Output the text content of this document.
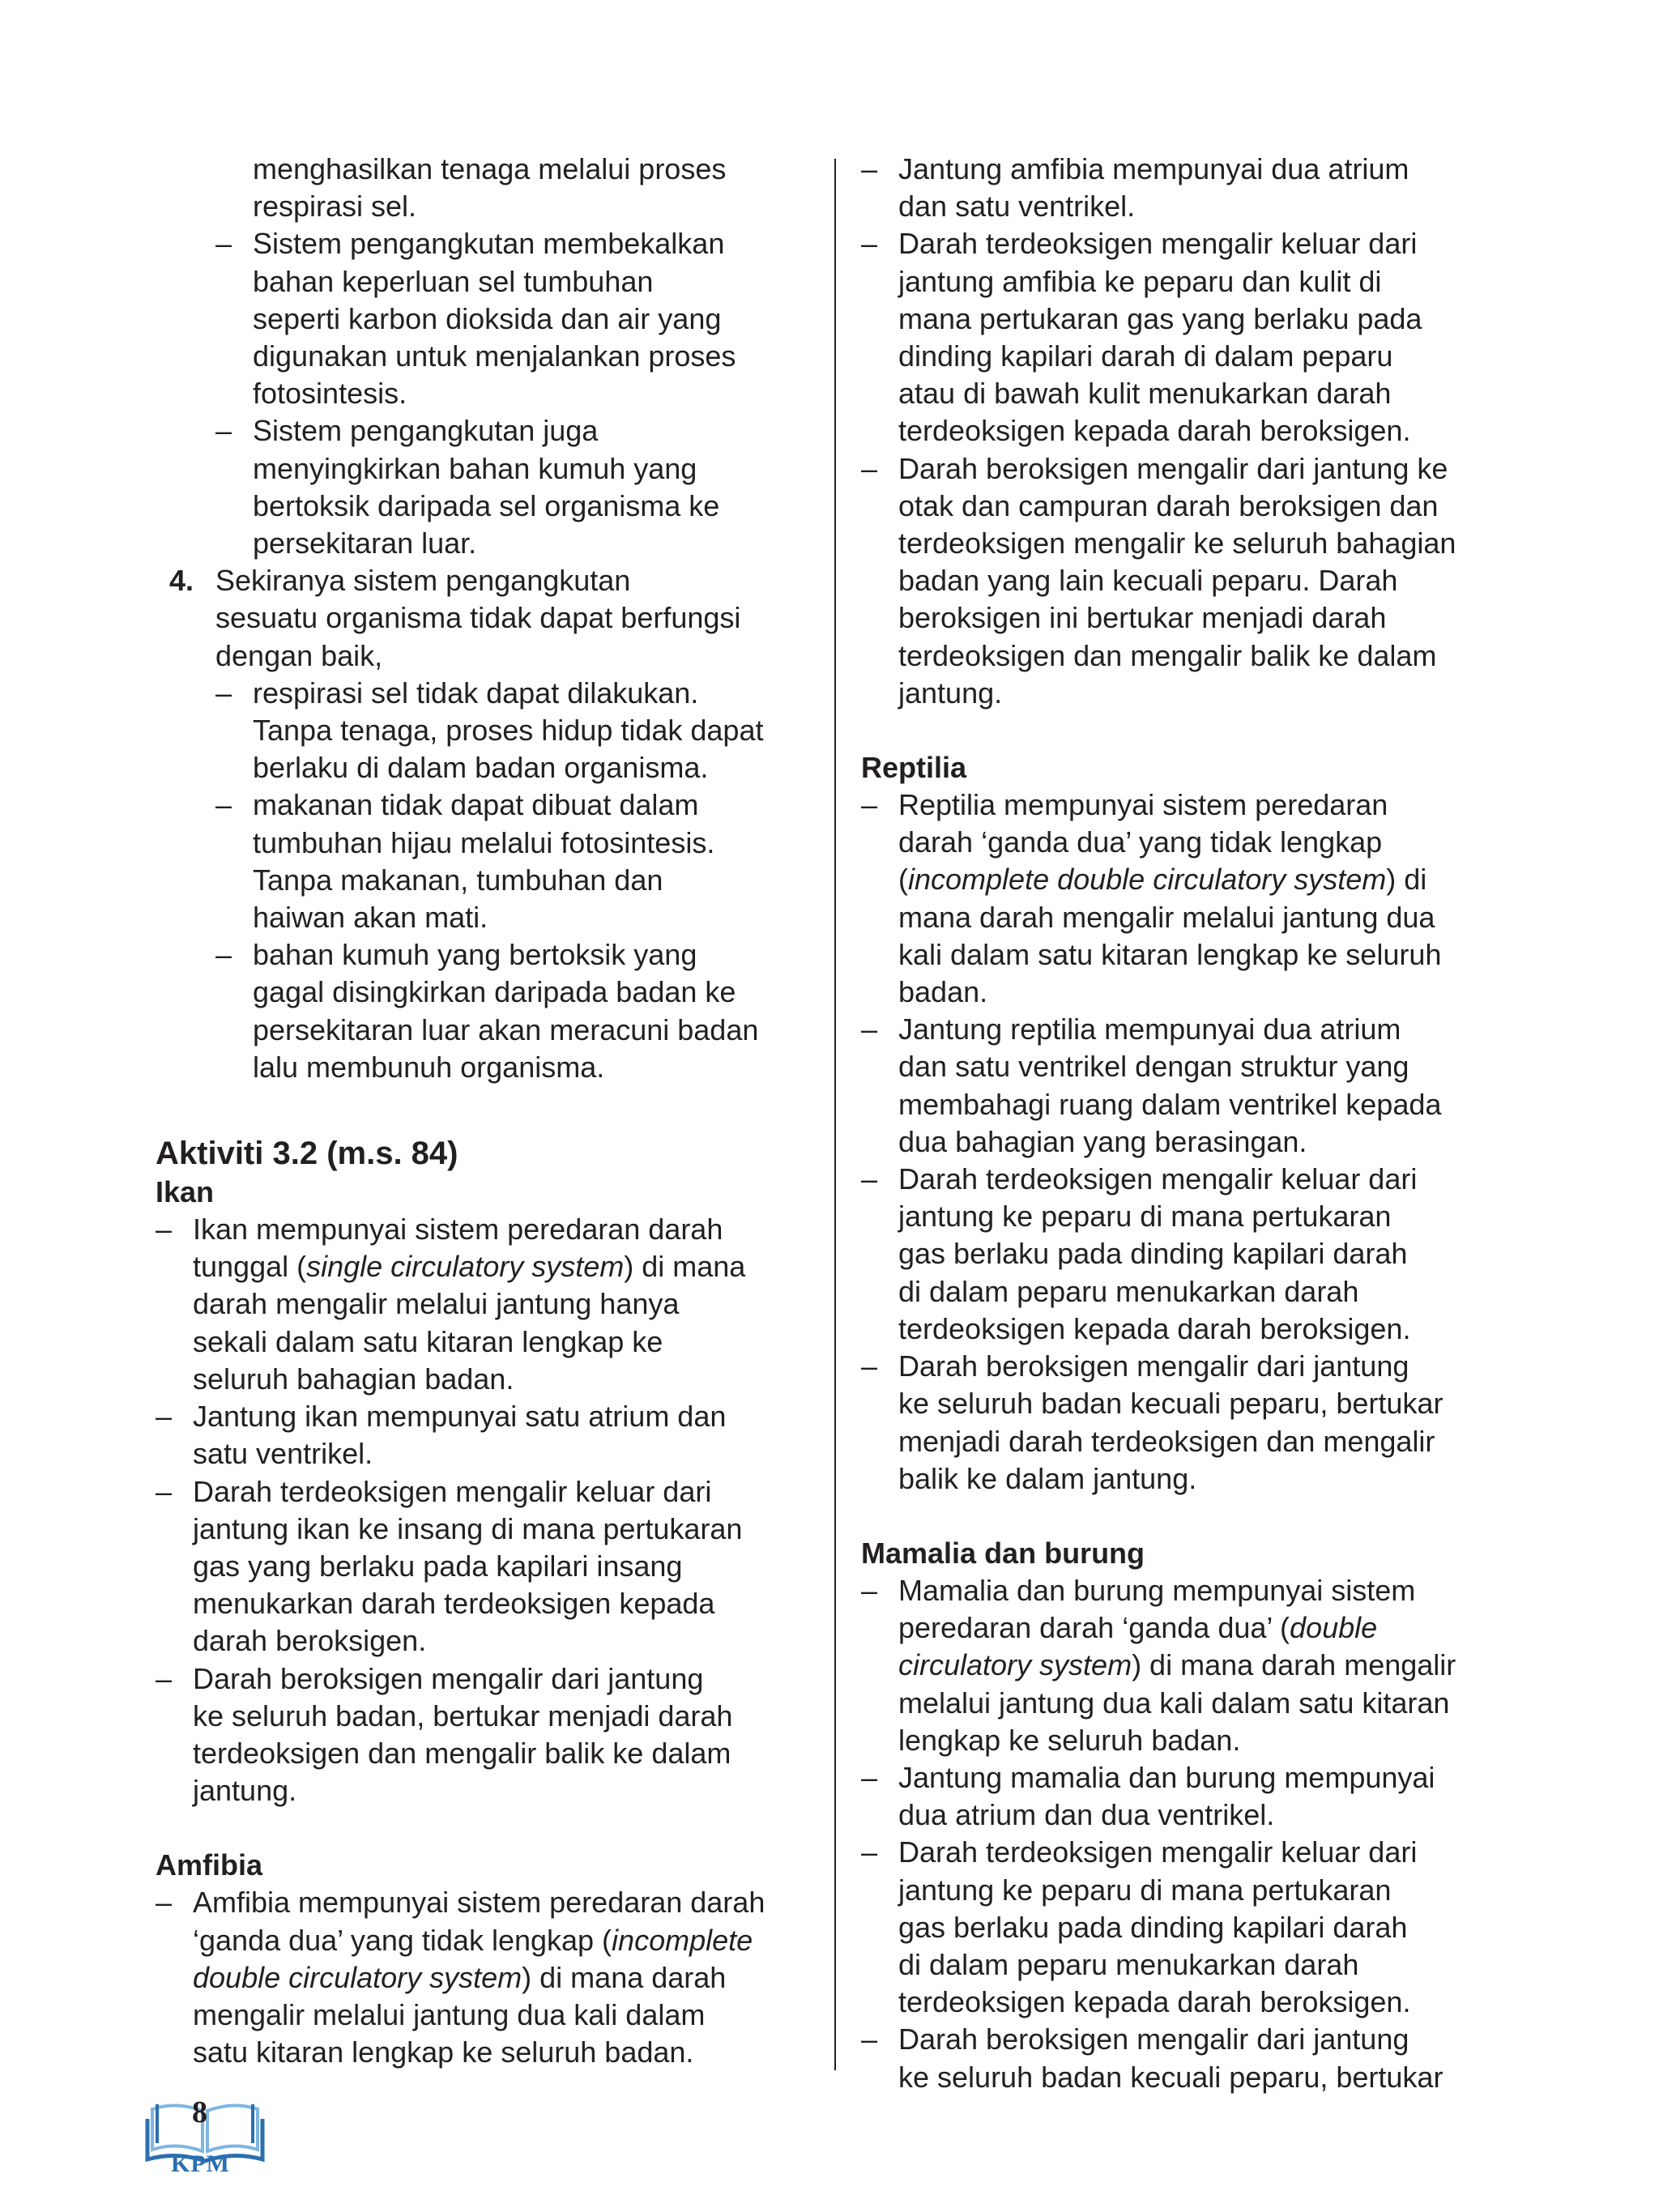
menghasilkan tenaga melalui proses
respirasi sel.
– Sistem pengangkutan membekalkan
bahan keperluan sel tumbuhan
seperti karbon dioksida dan air yang
digunakan untuk menjalankan proses
fotosintesis.
– Sistem pengangkutan juga
menyingkirkan bahan kumuh yang
bertoksik daripada sel organisma ke
persekitaran luar.
4. Sekiranya sistem pengangkutan
sesuatu organisma tidak dapat berfungsi
dengan baik,
– respirasi sel tidak dapat dilakukan.
Tanpa tenaga, proses hidup tidak dapat
berlaku di dalam badan organisma.
– makanan tidak dapat dibuat dalam
tumbuhan hijau melalui fotosintesis.
Tanpa makanan, tumbuhan dan
haiwan akan mati.
– bahan kumuh yang bertoksik yang
gagal disingkirkan daripada badan ke
persekitaran luar akan meracuni badan
lalu membunuh organisma.
Aktiviti 3.2 (m.s. 84)
Ikan
– Ikan mempunyai sistem peredaran darah
tunggal (single circulatory system) di mana
darah mengalir melalui jantung hanya
sekali dalam satu kitaran lengkap ke
seluruh bahagian badan.
– Jantung ikan mempunyai satu atrium dan
satu ventrikel.
– Darah terdeoksigen mengalir keluar dari
jantung ikan ke insang di mana pertukaran
gas yang berlaku pada kapilari insang
menukarkan darah terdeoksigen kepada
darah beroksigen.
– Darah beroksigen mengalir dari jantung
ke seluruh badan, bertukar menjadi darah
terdeoksigen dan mengalir balik ke dalam
jantung.
Amfibia
– Amfibia mempunyai sistem peredaran darah
‘ganda dua’ yang tidak lengkap (incomplete
double circulatory system) di mana darah
mengalir melalui jantung dua kali dalam
satu kitaran lengkap ke seluruh badan.
– Jantung amfibia mempunyai dua atrium
dan satu ventrikel.
– Darah terdeoksigen mengalir keluar dari
jantung amfibia ke peparu dan kulit di
mana pertukaran gas yang berlaku pada
dinding kapilari darah di dalam peparu
atau di bawah kulit menukarkan darah
terdeoksigen kepada darah beroksigen.
– Darah beroksigen mengalir dari jantung ke
otak dan campuran darah beroksigen dan
terdeoksigen mengalir ke seluruh bahagian
badan yang lain kecuali peparu. Darah
beroksigen ini bertukar menjadi darah
terdeoksigen dan mengalir balik ke dalam
jantung.
Reptilia
– Reptilia mempunyai sistem peredaran
darah ‘ganda dua’ yang tidak lengkap
(incomplete double circulatory system) di
mana darah mengalir melalui jantung dua
kali dalam satu kitaran lengkap ke seluruh
badan.
– Jantung reptilia mempunyai dua atrium
dan satu ventrikel dengan struktur yang
membahagi ruang dalam ventrikel kepada
dua bahagian yang berasingan.
– Darah terdeoksigen mengalir keluar dari
jantung ke peparu di mana pertukaran
gas berlaku pada dinding kapilari darah
di dalam peparu menukarkan darah
terdeoksigen kepada darah beroksigen.
– Darah beroksigen mengalir dari jantung
ke seluruh badan kecuali peparu, bertukar
menjadi darah terdeoksigen dan mengalir
balik ke dalam jantung.
Mamalia dan burung
– Mamalia dan burung mempunyai sistem
peredaran darah ‘ganda dua’ (double
circulatory system) di mana darah mengalir
melalui jantung dua kali dalam satu kitaran
lengkap ke seluruh badan.
– Jantung mamalia dan burung mempunyai
dua atrium dan dua ventrikel.
– Darah terdeoksigen mengalir keluar dari
jantung ke peparu di mana pertukaran
gas berlaku pada dinding kapilari darah
di dalam peparu menukarkan darah
terdeoksigen kepada darah beroksigen.
– Darah beroksigen mengalir dari jantung
ke seluruh badan kecuali peparu, bertukar
8
KPM
